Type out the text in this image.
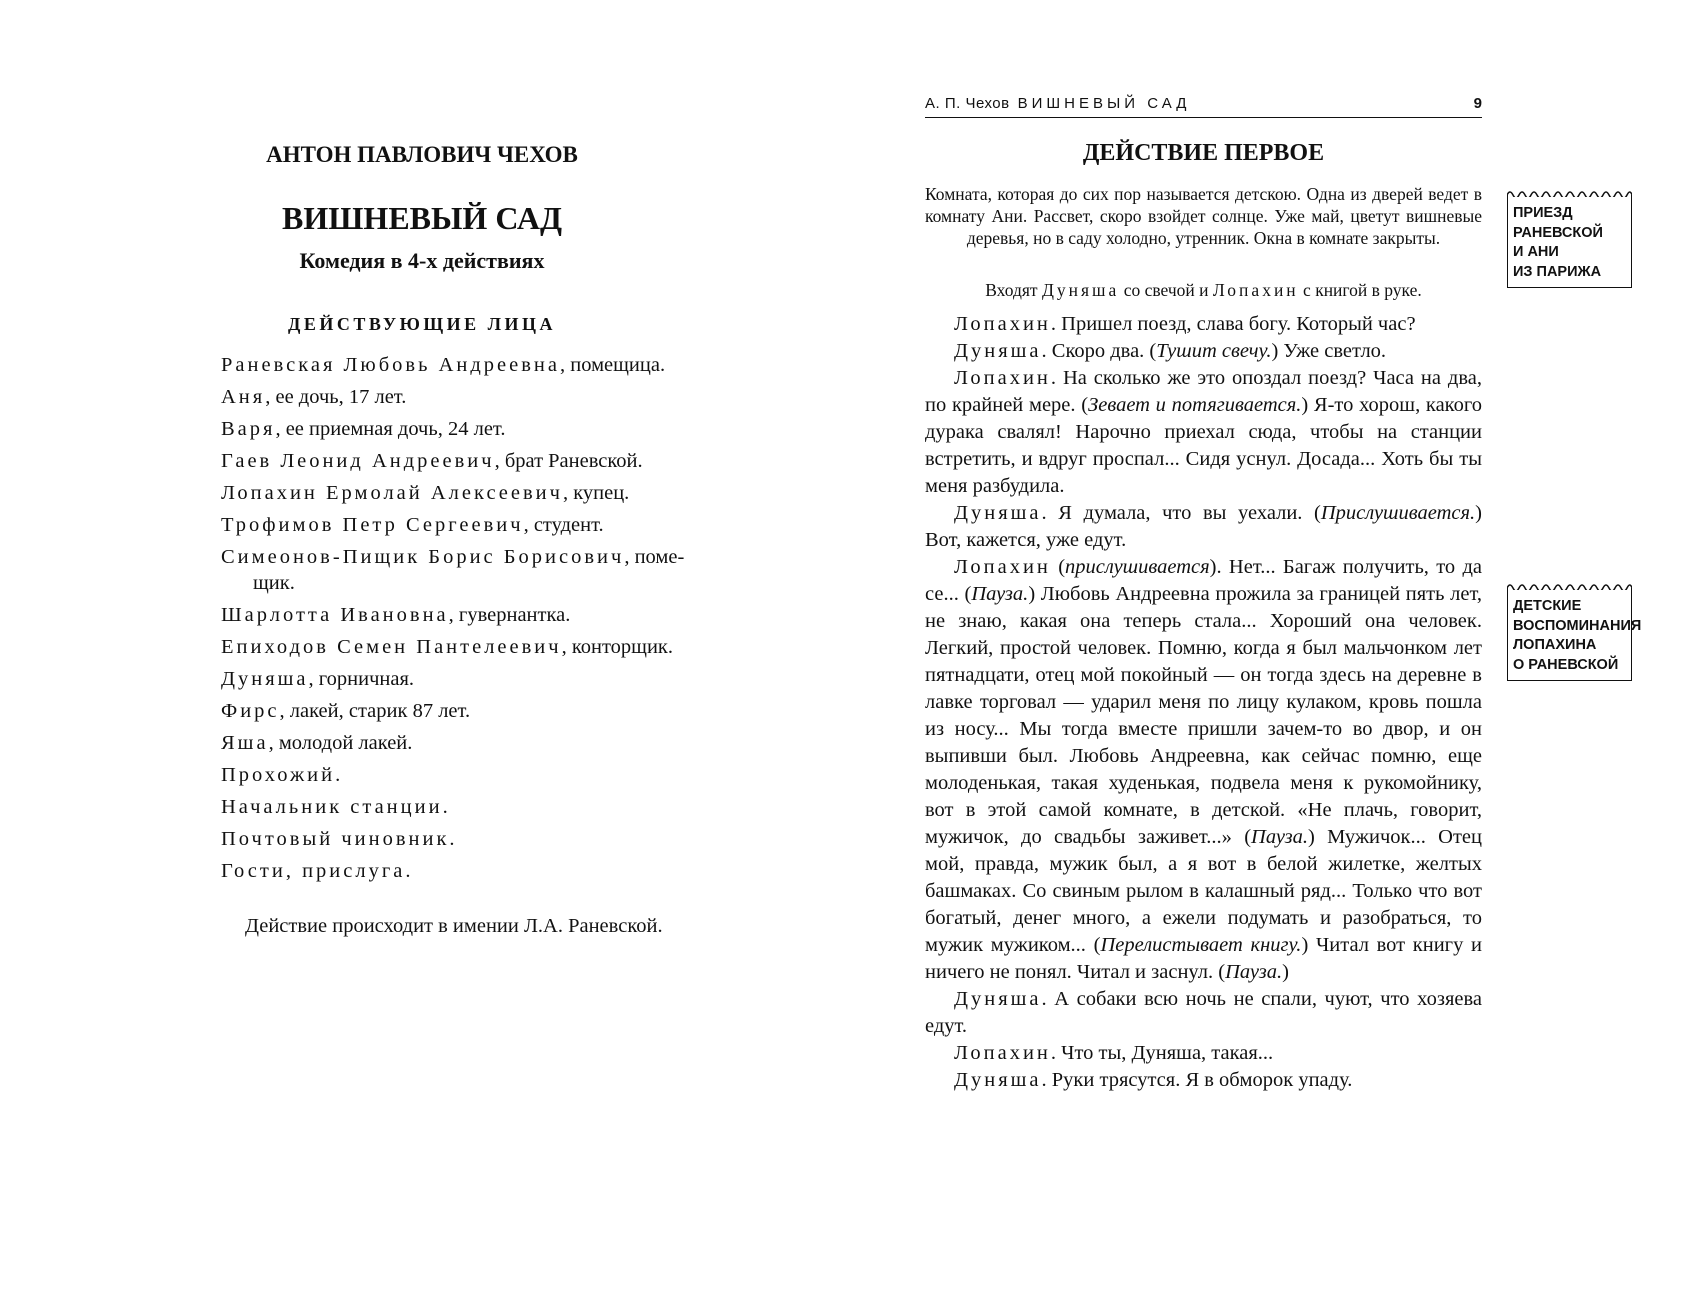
АНТОН ПАВЛОВИЧ ЧЕХОВ
ВИШНЕВЫЙ САД
Комедия в 4-х действиях
ДЕЙСТВУЮЩИЕ ЛИЦА
Раневская Любовь Андреевна, помещица.
Аня, ее дочь, 17 лет.
Варя, ее приемная дочь, 24 лет.
Гаев Леонид Андреевич, брат Раневской.
Лопахин Ермолай Алексеевич, купец.
Трофимов Петр Сергеевич, студент.
Симеонов-Пищик Борис Борисович, поме-
щик.
Шарлотта Ивановна, гувернантка.
Епиходов Семен Пантелеевич, конторщик.
Дуняша, горничная.
Фирс, лакей, старик 87 лет.
Яша, молодой лакей.
Прохожий.
Начальник станции.
Почтовый чиновник.
Гости, прислуга.
Действие происходит в имении Л.А. Раневской.
А. П. Чехов ВИШНЕВЫЙ САД	9
ДЕЙСТВИЕ ПЕРВОЕ

Комната, которая до сих пор называется детскою. Одна из дверей ведет в комнату Ани. Рассвет, скоро взойдет солнце. Уже май, цветут вишневые деревья, но в саду холодно, утренник. Окна в комнате закрыты.

Входят Дуняша со свечой и Лопахин с книгой в руке.

Лопахин. Пришел поезд, слава богу. Который час?

Дуняша. Скоро два. (Тушит свечу.) Уже светло.

Лопахин. На сколько же это опоздал поезд? Часа на два, по крайней мере. (Зевает и потягивается.) Я-то хорош, какого дурака свалял! Нарочно приехал сюда, чтобы на станции встретить, и вдруг проспал... Сидя уснул. Досада... Хоть бы ты меня разбудила.

Дуняша. Я думала, что вы уехали. (Прислушивается.) Вот, кажется, уже едут.

Лопахин (прислушивается). Нет... Багаж получить, то да се... (Пауза.) Любовь Андреевна прожила за границей пять лет, не знаю, какая она теперь стала... Хороший она человек. Легкий, простой человек. Помню, когда я был мальчонком лет пятнадцати, отец мой покойный — он тогда здесь на деревне в лавке торговал — ударил меня по лицу кулаком, кровь пошла из носу... Мы тогда вместе пришли зачем-то во двор, и он выпивши был. Любовь Андреевна, как сейчас помню, еще молоденькая, такая худенькая, подвела меня к рукомойнику, вот в этой самой комнате, в детской. «Не плачь, говорит, мужичок, до свадьбы заживет...» (Пауза.) Мужичок... Отец мой, правда, мужик был, а я вот в белой жилетке, желтых башмаках. Со свиным рылом в калашный ряд... Только что вот богатый, денег много, а ежели подумать и разобраться, то мужик мужиком... (Перелистывает книгу.) Читал вот книгу и ничего не понял. Читал и заснул. (Пауза.)

Дуняша. А собаки всю ночь не спали, чуют, что хозяева едут.

Лопахин. Что ты, Дуняша, такая...

Дуняша. Руки трясутся. Я в обморок упаду.

ПРИЕЗД
РАНЕВСКОЙ
И АНИ
ИЗ ПАРИЖА
ДЕТСКИЕ
ВОСПОМИНАНИЯ
ЛОПАХИНА
О РАНЕВСКОЙ
